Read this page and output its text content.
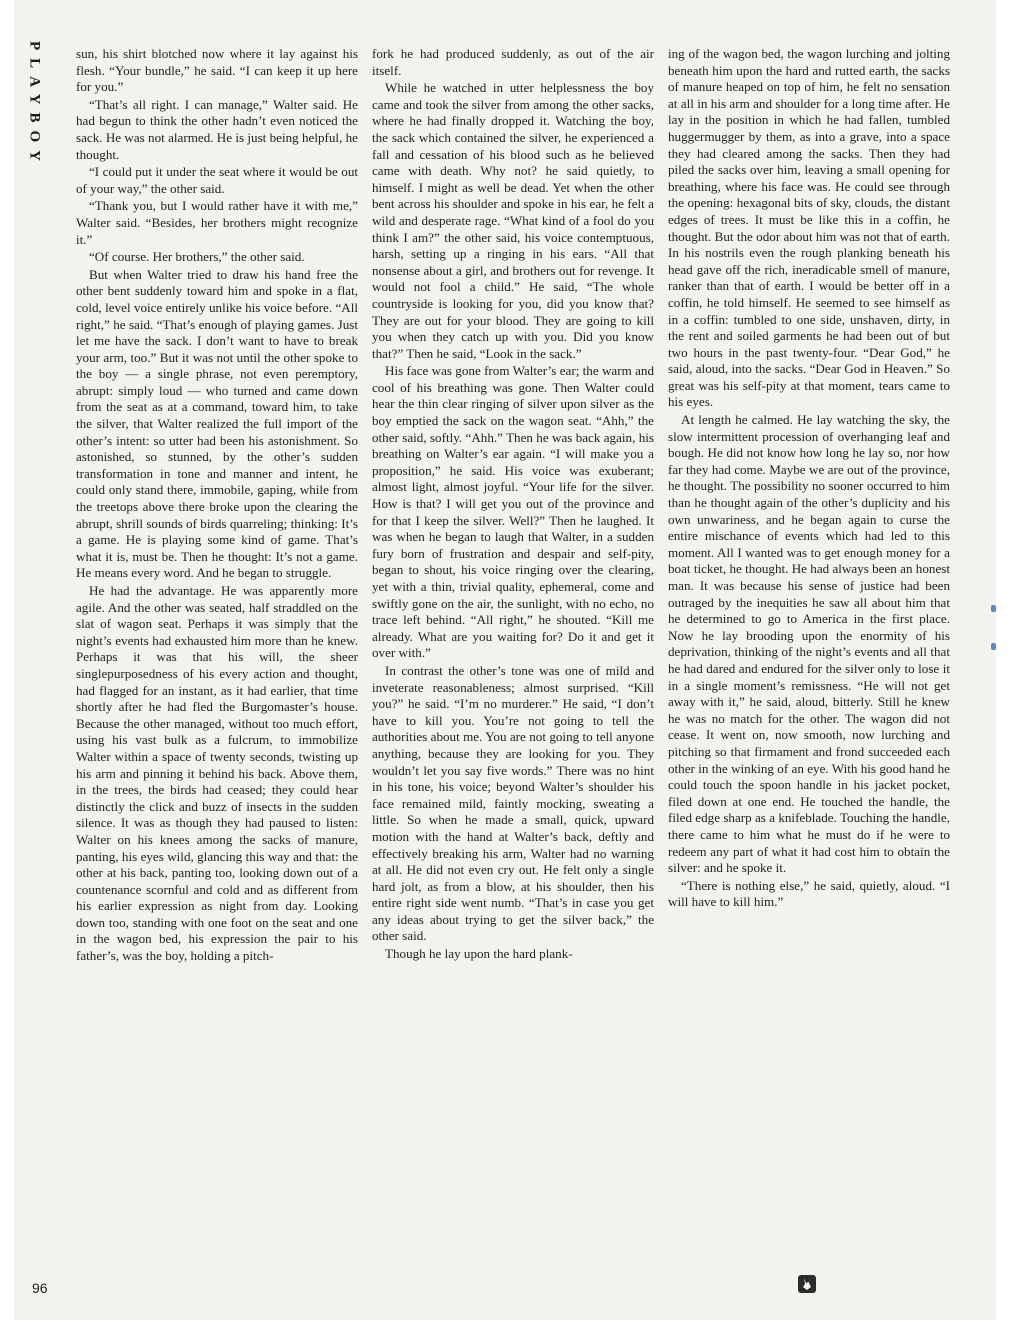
PLAYBOY	sun, his shirt blotched now where it lay against his flesh. “Your bundle,” he said. “I can keep it up here for you.”

“That’s all right. I can manage,” Walter said. He had begun to think the other hadn’t even noticed the sack. He was not alarmed. He is just being helpful, he thought.

“I could put it under the seat where it would be out of your way,” the other said.

“Thank you, but I would rather have it with me,” Walter said. “Besides, her brothers might recognize it.”

“Of course. Her brothers,” the other said.

But when Walter tried to draw his hand free the other bent suddenly toward him and spoke in a flat, cold, level voice entirely unlike his voice before. “All right,” he said. “That’s enough of playing games. Just let me have the sack. I don’t want to have to break your arm, too.” But it was not until the other spoke to the boy — a single phrase, not even peremptory, abrupt: simply loud — who turned and came down from the seat as at a command, toward him, to take the silver, that Walter realized the full import of the other’s intent: so utter had been his astonishment. So astonished, so stunned, by the other’s sudden transformation in tone and manner and intent, he could only stand there, immobile, gaping, while from the treetops above there broke upon the clearing the abrupt, shrill sounds of birds quarreling; thinking: It’s a game. He is playing some kind of game. That’s what it is, must be. Then he thought: It’s not a game. He means every word. And he began to struggle.

He had the advantage. He was apparently more agile. And the other was seated, half straddled on the slat of wagon seat. Perhaps it was simply that the night’s events had exhausted him more than he knew. Perhaps it was that his will, the sheer singlepurposedness of his every action and thought, had flagged for an instant, as it had earlier, that time shortly after he had fled the Burgomaster’s house. Because the other managed, without too much effort, using his vast bulk as a fulcrum, to immobilize Walter within a space of twenty seconds, twisting up his arm and pinning it behind his back. Above them, in the trees, the birds had ceased; they could hear distinctly the click and buzz of insects in the sudden silence. It was as though they had paused to listen: Walter on his knees among the sacks of manure, panting, his eyes wild, glancing this way and that: the other at his back, panting too, looking down out of a countenance scornful and cold and as different from his earlier expression as night from day. Looking down too, standing with one foot on the seat and one in the wagon bed, his expression the pair to his father’s, was the boy, holding a pitch-

fork he had produced suddenly, as out of the air itself.

While he watched in utter helplessness the boy came and took the silver from among the other sacks, where he had finally dropped it. Watching the boy, the sack which contained the silver, he experienced a fall and cessation of his blood such as he believed came with death. Why not? he said quietly, to himself. I might as well be dead. Yet when the other bent across his shoulder and spoke in his ear, he felt a wild and desperate rage. “What kind of a fool do you think I am?” the other said, his voice contemptuous, harsh, setting up a ringing in his ears. “All that nonsense about a girl, and brothers out for revenge. It would not fool a child.” He said, “The whole countryside is looking for you, did you know that? They are out for your blood. They are going to kill you when they catch up with you. Did you know that?” Then he said, “Look in the sack.”

His face was gone from Walter’s ear; the warm and cool of his breathing was gone. Then Walter could hear the thin clear ringing of silver upon silver as the boy emptied the sack on the wagon seat. “Ahh,” the other said, softly. “Ahh.” Then he was back again, his breathing on Walter’s ear again. “I will make you a proposition,” he said. His voice was exuberant; almost light, almost joyful. “Your life for the silver. How is that? I will get you out of the province and for that I keep the silver. Well?” Then he laughed. It was when he began to laugh that Walter, in a sudden fury born of frustration and despair and self-pity, began to shout, his voice ringing over the clearing, yet with a thin, trivial quality, ephemeral, come and swiftly gone on the air, the sunlight, with no echo, no trace left behind. “All right,” he shouted. “Kill me already. What are you waiting for? Do it and get it over with.”

In contrast the other’s tone was one of mild and inveterate reasonableness; almost surprised. “Kill you?” he said. “I’m no murderer.” He said, “I don’t have to kill you. You’re not going to tell the authorities about me. You are not going to tell anyone anything, because they are looking for you. They wouldn’t let you say five words.” There was no hint in his tone, his voice; beyond Walter’s shoulder his face remained mild, faintly mocking, sweating a little. So when he made a small, quick, upward motion with the hand at Walter’s back, deftly and effectively breaking his arm, Walter had no warning at all. He did not even cry out. He felt only a single hard jolt, as from a blow, at his shoulder, then his entire right side went numb. “That’s in case you get any ideas about trying to get the silver back,” the other said.

Though he lay upon the hard plank-

ing of the wagon bed, the wagon lurching and jolting beneath him upon the hard and rutted earth, the sacks of manure heaped on top of him, he felt no sensation at all in his arm and shoulder for a long time after. He lay in the position in which he had fallen, tumbled huggermugger by them, as into a grave, into a space they had cleared among the sacks. Then they had piled the sacks over him, leaving a small opening for breathing, where his face was. He could see through the opening: hexagonal bits of sky, clouds, the distant edges of trees. It must be like this in a coffin, he thought. But the odor about him was not that of earth. In his nostrils even the rough planking beneath his head gave off the rich, ineradicable smell of manure, ranker than that of earth. I would be better off in a coffin, he told himself. He seemed to see himself as in a coffin: tumbled to one side, unshaven, dirty, in the rent and soiled garments he had been out of but two hours in the past twenty-four. “Dear God,” he said, aloud, into the sacks. “Dear God in Heaven.” So great was his self-pity at that moment, tears came to his eyes.

At length he calmed. He lay watching the sky, the slow intermittent procession of overhanging leaf and bough. He did not know how long he lay so, nor how far they had come. Maybe we are out of the province, he thought. The possibility no sooner occurred to him than he thought again of the other’s duplicity and his own unwariness, and he began again to curse the entire mischance of events which had led to this moment. All I wanted was to get enough money for a boat ticket, he thought. He had always been an honest man. It was because his sense of justice had been outraged by the inequities he saw all about him that he determined to go to America in the first place. Now he lay brooding upon the enormity of his deprivation, thinking of the night’s events and all that he had dared and endured for the silver only to lose it in a single moment’s remissness. “He will not get away with it,” he said, aloud, bitterly. Still he knew he was no match for the other. The wagon did not cease. It went on, now smooth, now lurching and pitching so that firmament and frond succeeded each other in the winking of an eye. With his good hand he could touch the spoon handle in his jacket pocket, filed down at one end. He touched the handle, the filed edge sharp as a knifeblade. Touching the handle, there came to him what he must do if he were to redeem any part of what it had cost him to obtain the silver: and he spoke it.

“There is nothing else,” he said, quietly, aloud. “I will have to kill him.”

96
